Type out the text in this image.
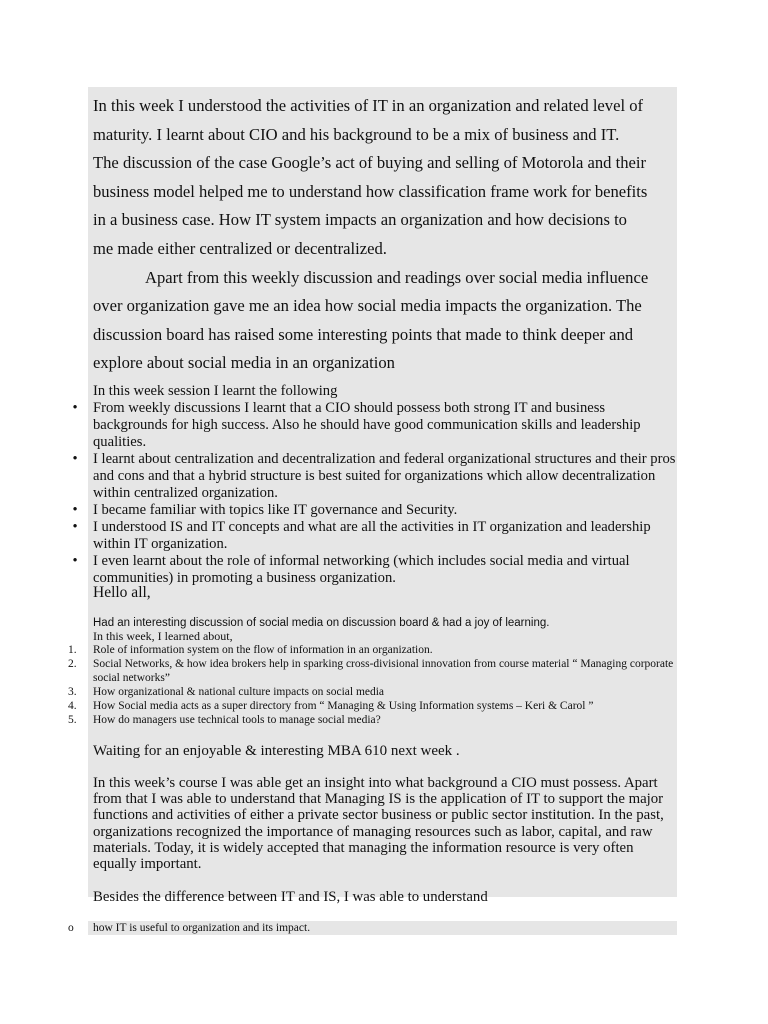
In this week I understood the activities of IT in an organization and related level of
maturity. I learnt about CIO and his background to be a mix of business and IT.
The discussion of the case Google’s act of buying and selling of Motorola and their
business model helped me to understand how classification frame work for benefits
in a business case. How IT system impacts an organization and how decisions to
me made either centralized or decentralized.
Apart from this weekly discussion and readings over social media influence
over organization gave me an idea how social media impacts the organization. The
discussion board has raised some interesting points that made to think deeper and
explore about social media in an organization
In this week session I learnt the following
•	From weekly discussions I learnt that a CIO should possess both strong IT and business backgrounds for high success. Also he should have good communication skills and leadership qualities.
•	I learnt about centralization and decentralization and federal organizational structures and their pros and cons and that a hybrid structure is best suited for organizations which allow decentralization within centralized organization.
•	I became familiar with topics like IT governance and Security.
•	I understood IS and IT concepts and what are all the activities in IT organization and leadership within IT organization.
•	I even learnt about the role of informal networking (which includes social media and virtual communities) in promoting a business organization.
Hello all,
Had an interesting discussion of social media on discussion board & had a joy of learning.
In this week, I learned about,
1. Role of information system on the flow of information in an organization.
2. Social Networks, & how idea brokers help in sparking cross-divisional innovation from course material “ Managing corporate social networks”
3. How organizational & national culture impacts on social media
4. How Social media acts as a super directory from “ Managing & Using Information systems – Keri & Carol ”
5. How do managers use technical tools to manage social media?
Waiting for an enjoyable & interesting MBA 610 next week .
In this week’s course I was able get an insight into what background a CIO must possess. Apart from that I was able to understand that Managing IS is the application of IT to support the major functions and activities of either a private sector business or public sector institution. In the past, organizations recognized the importance of managing resources such as labor, capital, and raw materials. Today, it is widely accepted that managing the information resource is very often equally important.
Besides the difference between IT and IS, I was able to understand
o how IT is useful to organization and its impact.
